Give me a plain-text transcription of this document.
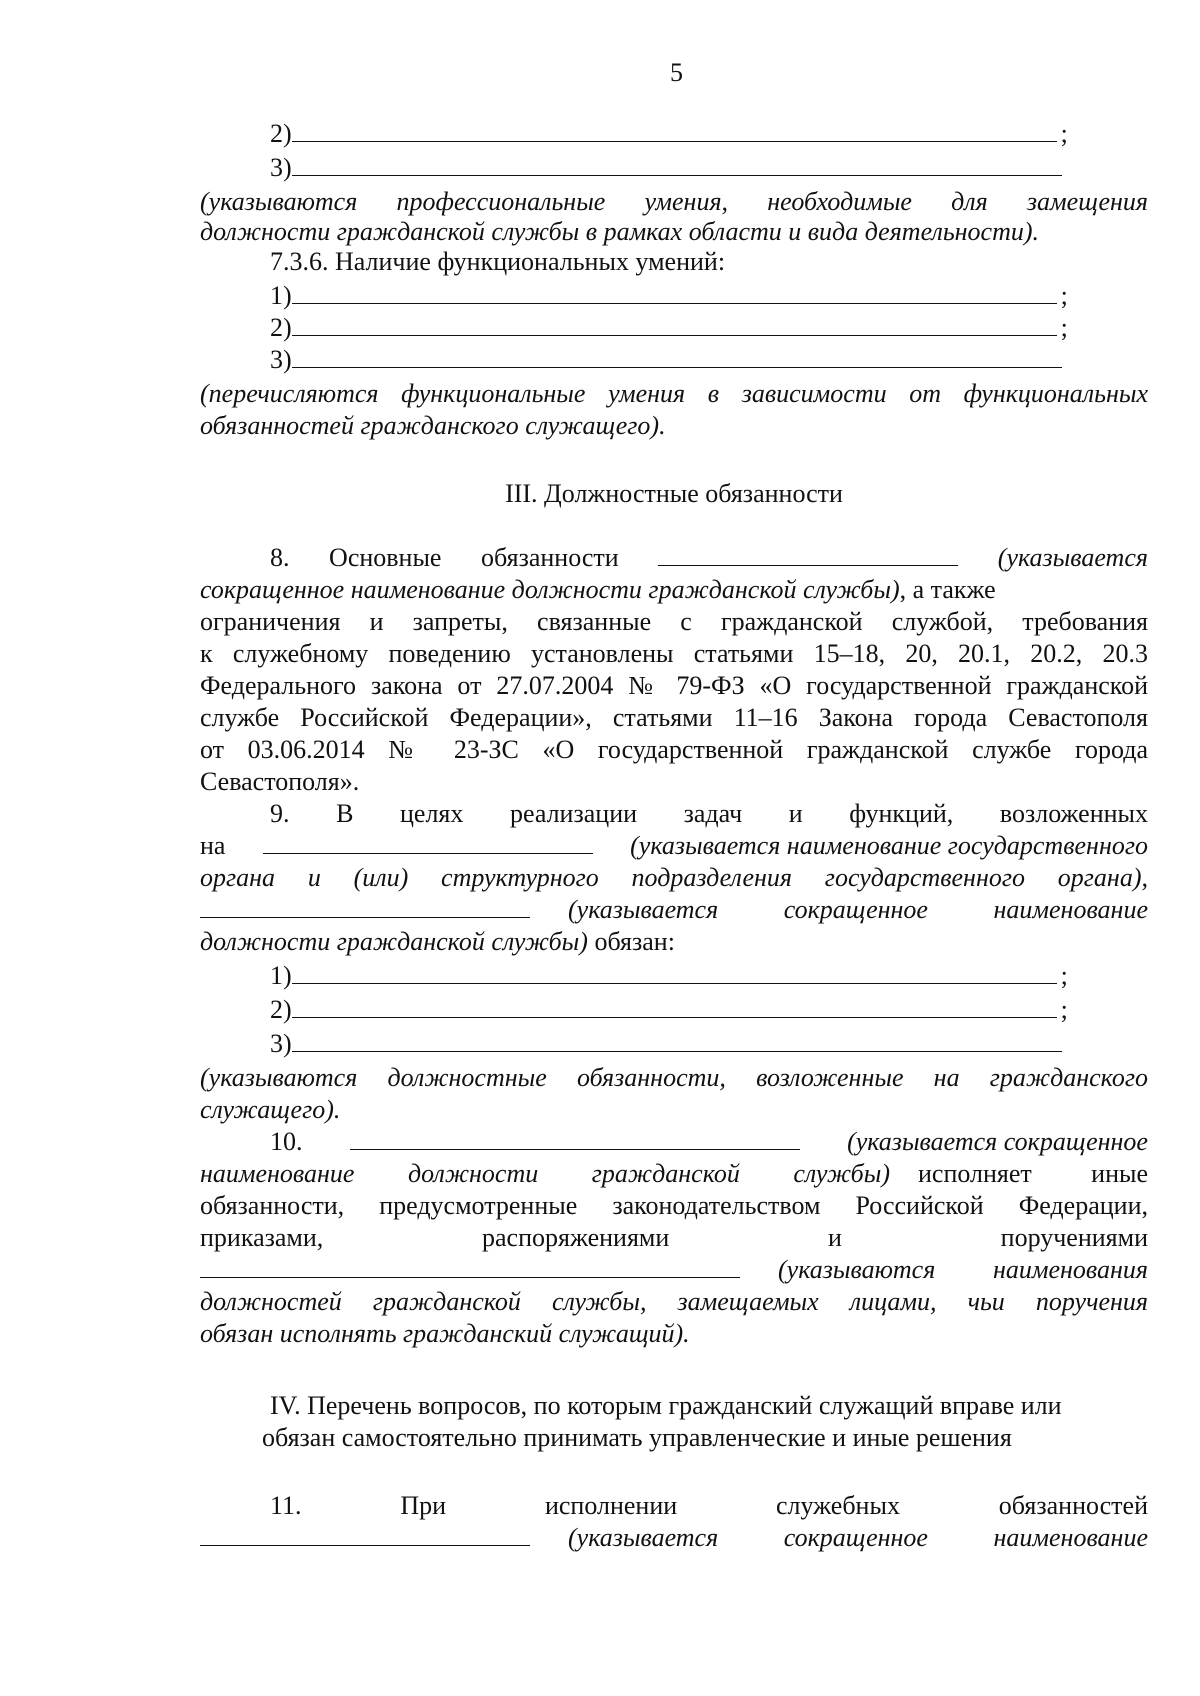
5
2)	;
3)
(указываются профессиональные умения, необходимые для замещения
должности гражданской службы в рамках области и вида деятельности).
7.3.6. Наличие функциональных умений:
1)	;
2)	;
3)
(перечисляются функциональные умения в зависимости от функциональных
обязанностей гражданского служащего).
III. Должностные обязанности
8. Основные обязанности	(указывается
сокращенное наименование должности гражданской службы), а также
ограничения и запреты, связанные с гражданской службой, требования
к служебному поведению установлены статьями 15–18, 20, 20.1, 20.2, 20.3
Федерального закона от 27.07.2004 № 79-ФЗ «О государственной гражданской
службе Российской Федерации», статьями 11–16 Закона города Севастополя
от 03.06.2014 № 23-ЗС «О государственной гражданской службе города
Севастополя».
9. В целях реализации задач и функций, возложенных
на	(указывается наименование государственного
органа и (или) структурного подразделения государственного органа),
(указывается сокращенное наименование
должности гражданской службы) обязан:
1)	;
2)	;
3)
(указываются должностные обязанности, возложенные на гражданского
служащего).
10.	(указывается сокращенное
наименование должности гражданской службы) исполняет иные
обязанности, предусмотренные законодательством Российской Федерации,
приказами, распоряжениями и поручениями
(указываются наименования
должностей гражданской службы, замещаемых лицами, чьи поручения
обязан исполнять гражданский служащий).
IV. Перечень вопросов, по которым гражданский служащий вправе или
обязан самостоятельно принимать управленческие и иные решения
11. При исполнении служебных обязанностей
(указывается сокращенное наименование
